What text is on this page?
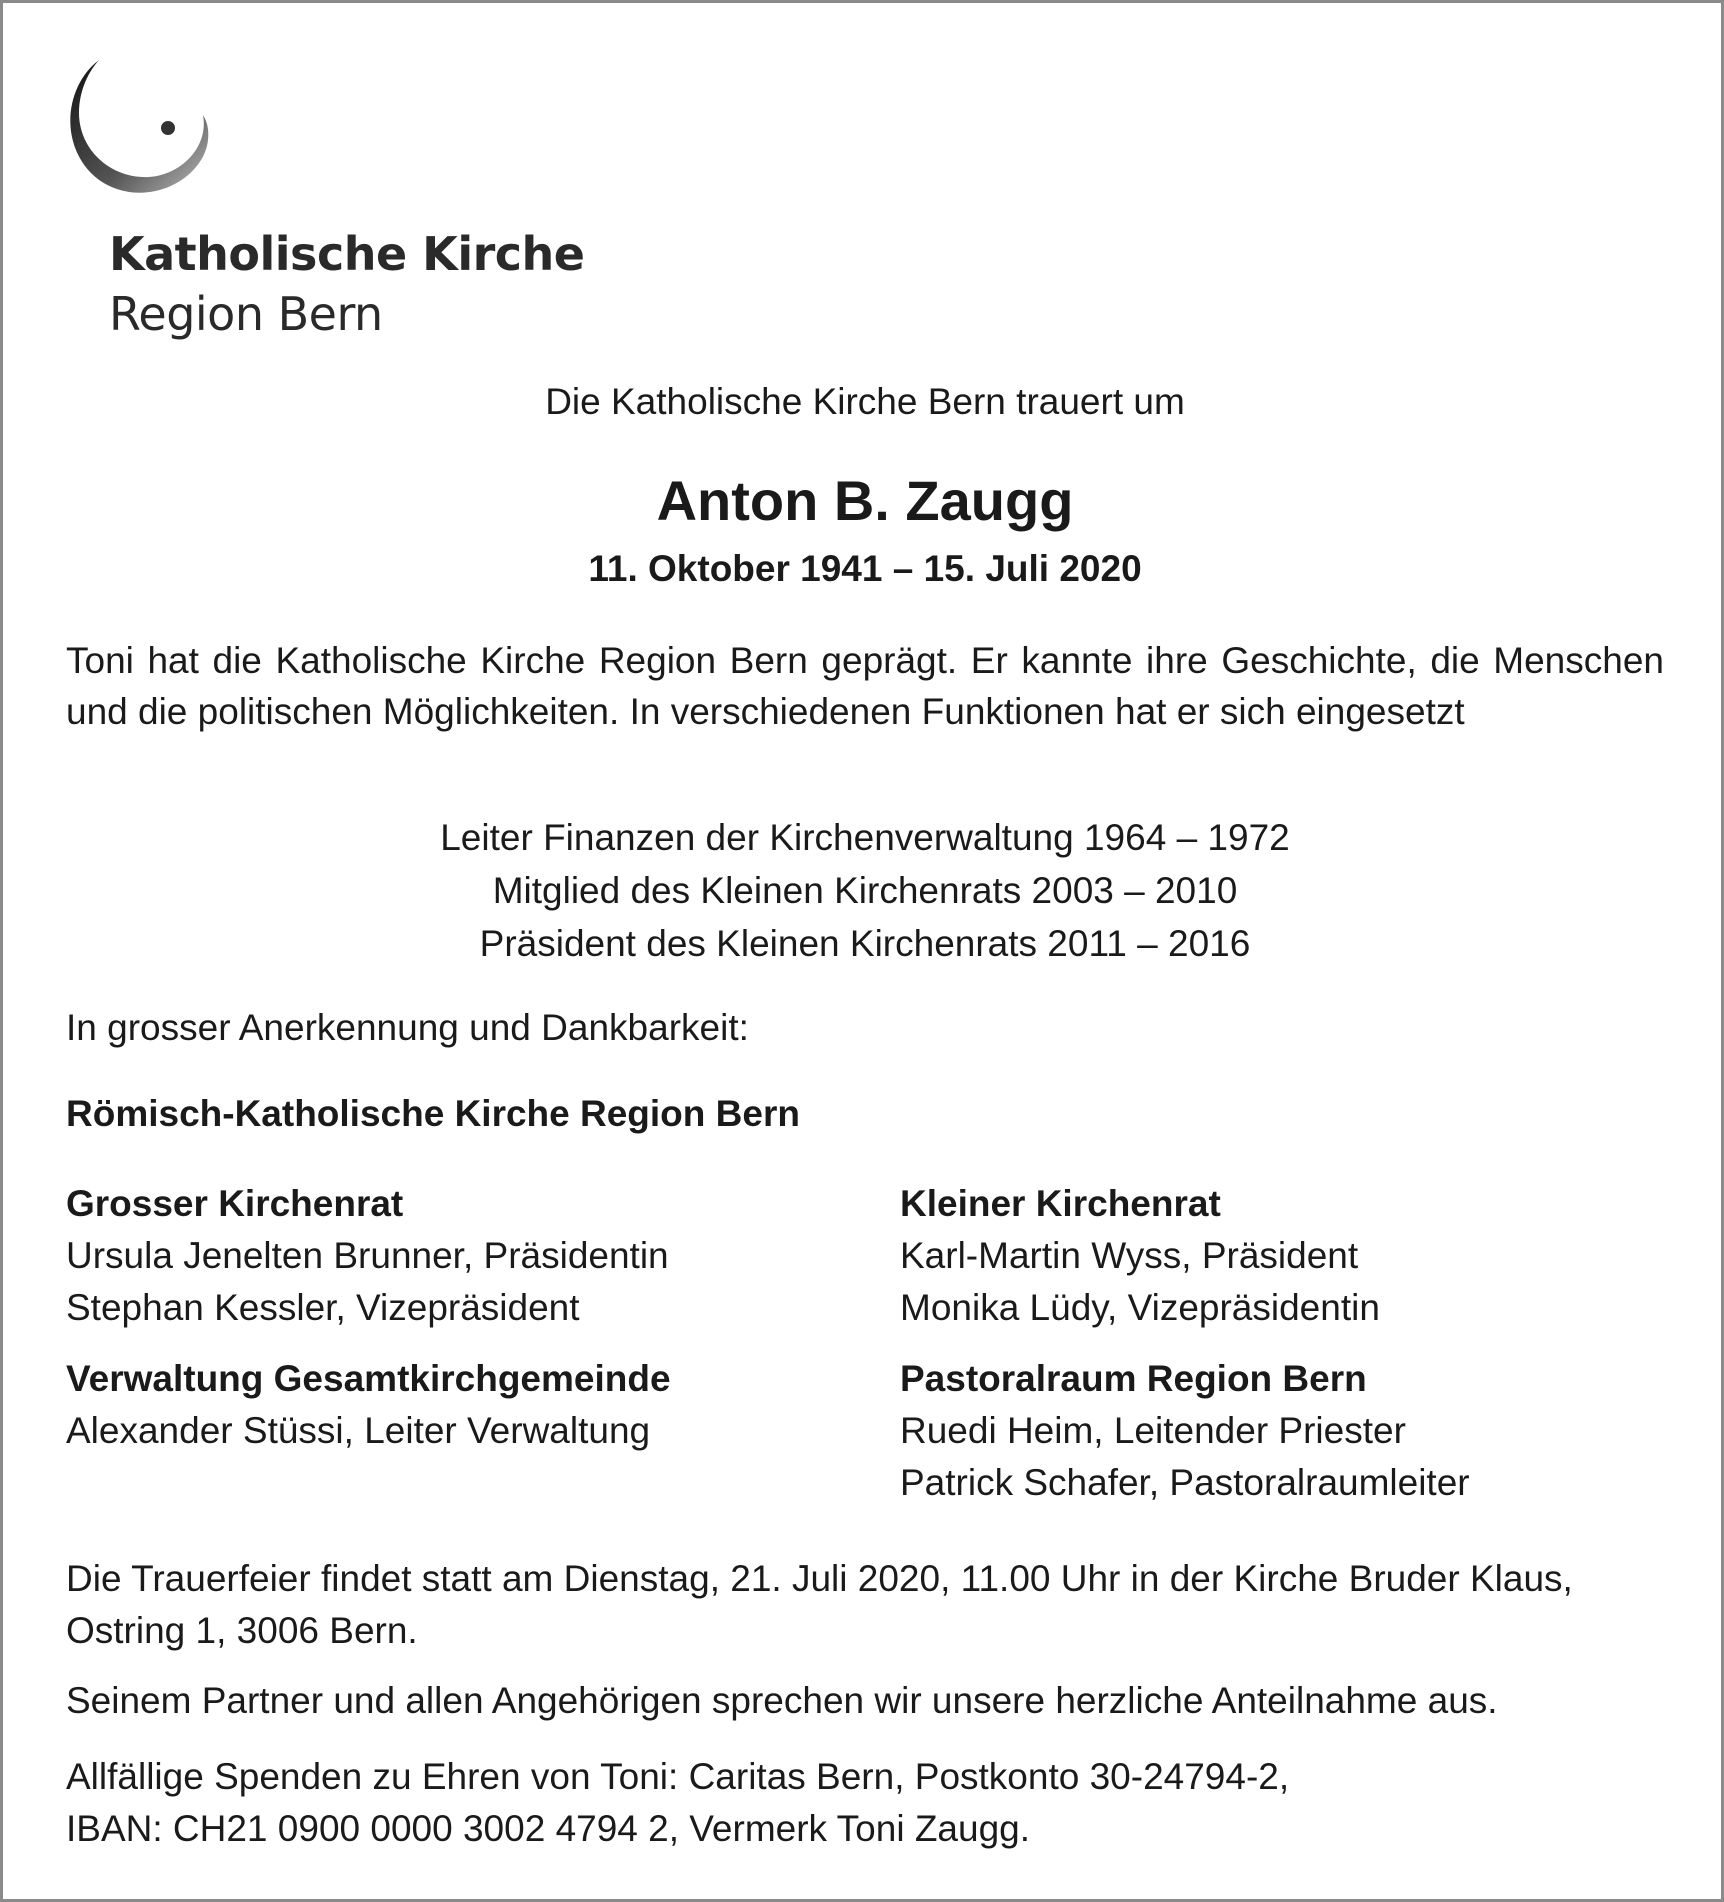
Katholische Kirche
Region Bern
Die Katholische Kirche Bern trauert um
Anton B. Zaugg
11. Oktober 1941 – 15. Juli 2020
Toni hat die Katholische Kirche Region Bern geprägt. Er kannte ihre Geschichte, die Menschen und die politischen Möglichkeiten. In verschiedenen Funktionen hat er sich eingesetzt
Leiter Finanzen der Kirchenverwaltung 1964 – 1972
Mitglied des Kleinen Kirchenrats 2003 – 2010
Präsident des Kleinen Kirchenrats 2011 – 2016
In grosser Anerkennung und Dankbarkeit:
Römisch-Katholische Kirche Region Bern
Grosser Kirchenrat
Ursula Jenelten Brunner, Präsidentin
Stephan Kessler, Vizepräsident
Kleiner Kirchenrat
Karl-Martin Wyss, Präsident
Monika Lüdy, Vizepräsidentin
Verwaltung Gesamtkirchgemeinde
Alexander Stüssi, Leiter Verwaltung
Pastoralraum Region Bern
Ruedi Heim, Leitender Priester
Patrick Schafer, Pastoralraumleiter
Die Trauerfeier findet statt am Dienstag, 21. Juli 2020, 11.00 Uhr in der Kirche Bruder Klaus, Ostring 1, 3006 Bern.
Seinem Partner und allen Angehörigen sprechen wir unsere herzliche Anteilnahme aus.
Allfällige Spenden zu Ehren von Toni: Caritas Bern, Postkonto 30-24794-2,
IBAN: CH21 0900 0000 3002 4794 2, Vermerk Toni Zaugg.
